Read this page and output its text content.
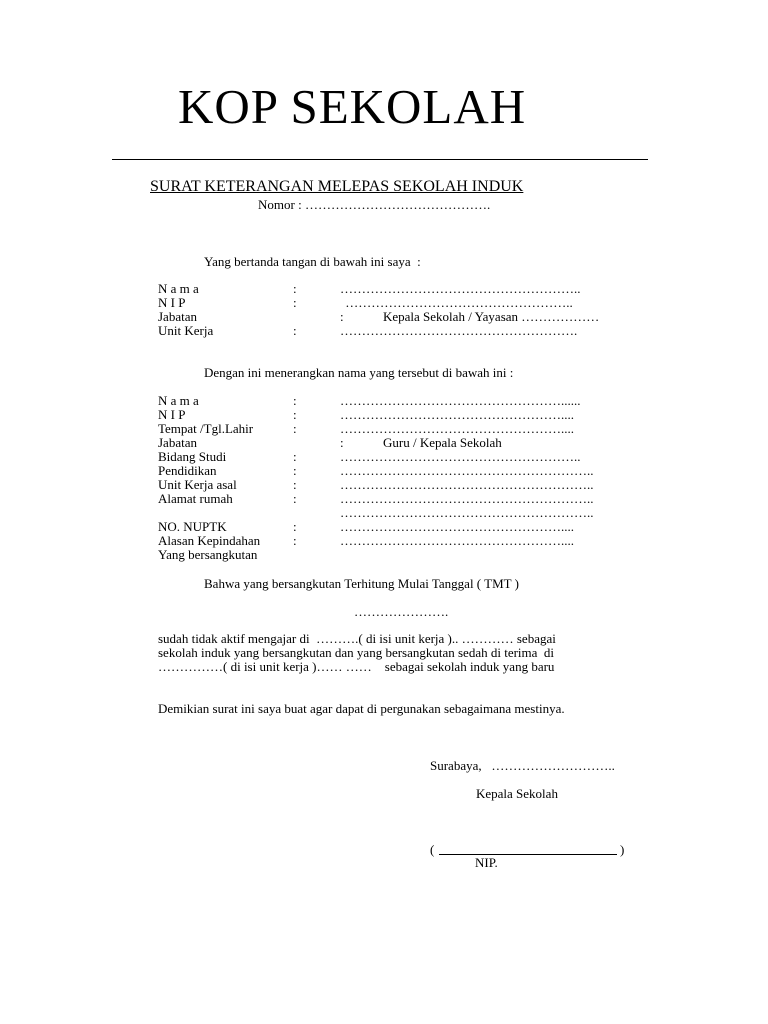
KOP SEKOLAH
SURAT KETERANGAN MELEPAS SEKOLAH INDUK
Nomor : …………………………………….
Yang bertanda tangan di bawah ini saya  :
N a m a	:	………………………………………………..
N I P	:	……………………………………………..
Jabatan	:	Kepala Sekolah / Yayasan ………………
Unit Kerja	:	……………………………………………….
Dengan ini menerangkan nama yang tersebut di bawah ini :
N a m a	:	……………………………………………......
N I P	:	……………………………………………....
Tempat /Tgl.Lahir	:	……………………………………………....
Jabatan	:	Guru / Kepala Sekolah
Bidang Studi	:	………………………………………………..
Pendidikan	:	…………………………………………………..
Unit Kerja asal	:	…………………………………………………..
Alamat rumah	:	…………………………………………………..
…………………………………………………..
NO. NUPTK	:	……………………………………………....
Alasan Kepindahan	:	……………………………………………....
Yang bersangkutan
Bahwa yang bersangkutan Terhitung Mulai Tanggal ( TMT )
………………….
sudah tidak aktif mengajar di  ……….( di isi unit kerja ).. ………… sebagai
sekolah induk yang bersangkutan dan yang bersangkutan sedah di terima  di
……………( di isi unit kerja )…… ……    sebagai sekolah induk yang baru
Demikian surat ini saya buat agar dapat di pergunakan sebagaimana mestinya.
Surabaya,   ………………………..
Kepala Sekolah
(	)
NIP.
